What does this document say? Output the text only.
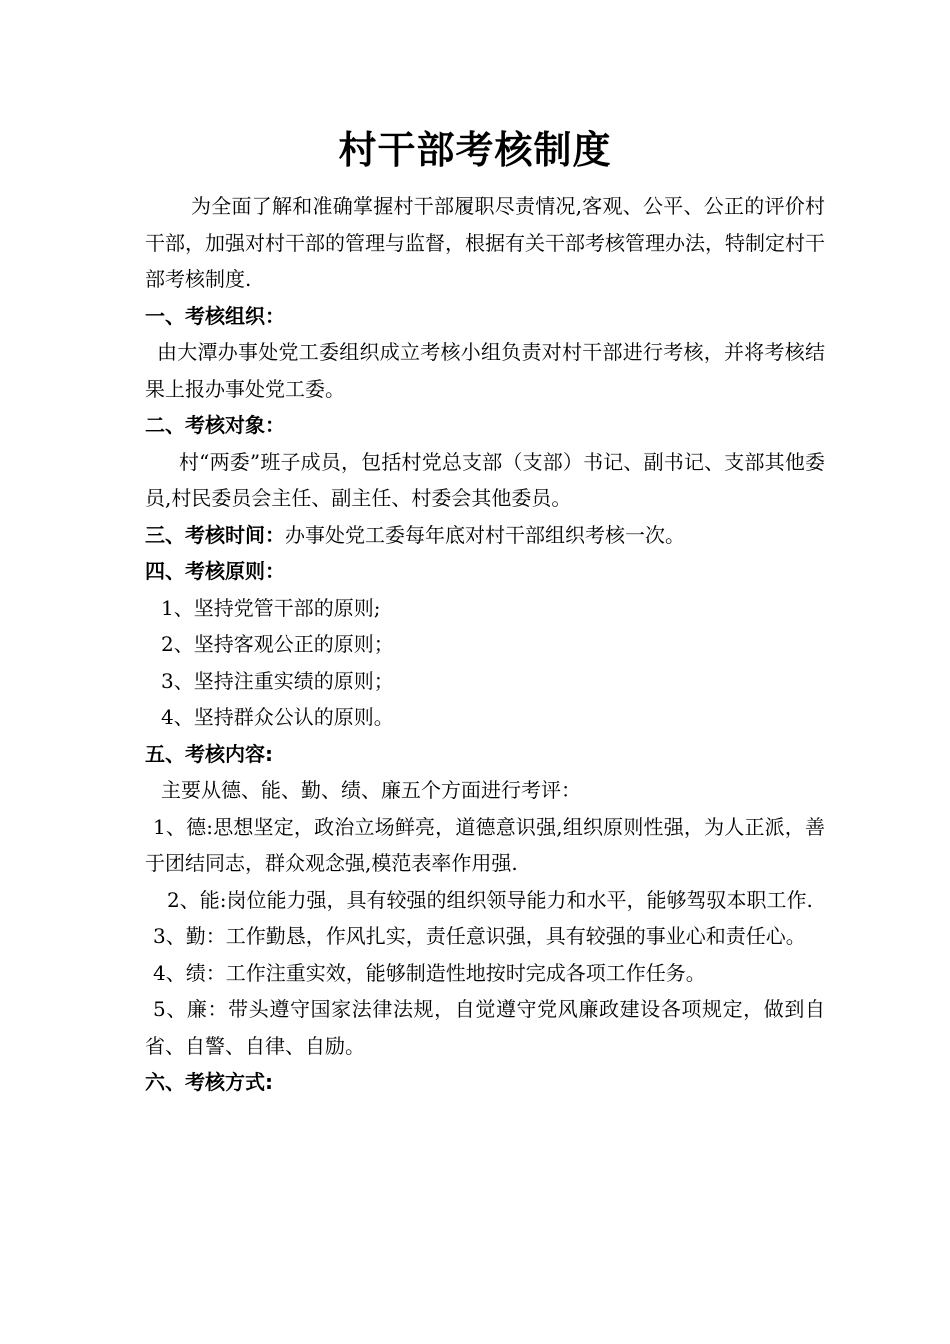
村干部考核制度

为全面了解和准确掌握村干部履职尽责情况,客观、公平、公正的评价村干部，加强对村干部的管理与监督，根据有关干部考核管理办法，特制定村干部考核制度.

一、考核组织：

由大潭办事处党工委组织成立考核小组负责对村干部进行考核，并将考核结果上报办事处党工委。

二、考核对象：

村“两委”班子成员，包括村党总支部（支部）书记、副书记、支部其他委员,村民委员会主任、副主任、村委会其他委员。

三、考核时间：办事处党工委每年底对村干部组织考核一次。

四、考核原则：

1、坚持党管干部的原则;

2、坚持客观公正的原则；

3、坚持注重实绩的原则；

4、坚持群众公认的原则。

五、考核内容:

主要从德、能、勤、绩、廉五个方面进行考评：

1、德:思想坚定，政治立场鲜亮，道德意识强,组织原则性强，为人正派，善于团结同志，群众观念强,模范表率作用强.

2、能:岗位能力强，具有较强的组织领导能力和水平，能够驾驭本职工作.

3、勤：工作勤恳，作风扎实，责任意识强，具有较强的事业心和责任心。

4、绩：工作注重实效，能够制造性地按时完成各项工作任务。

5、廉：带头遵守国家法律法规，自觉遵守党风廉政建设各项规定，做到自省、自警、自律、自励。

六、考核方式:
